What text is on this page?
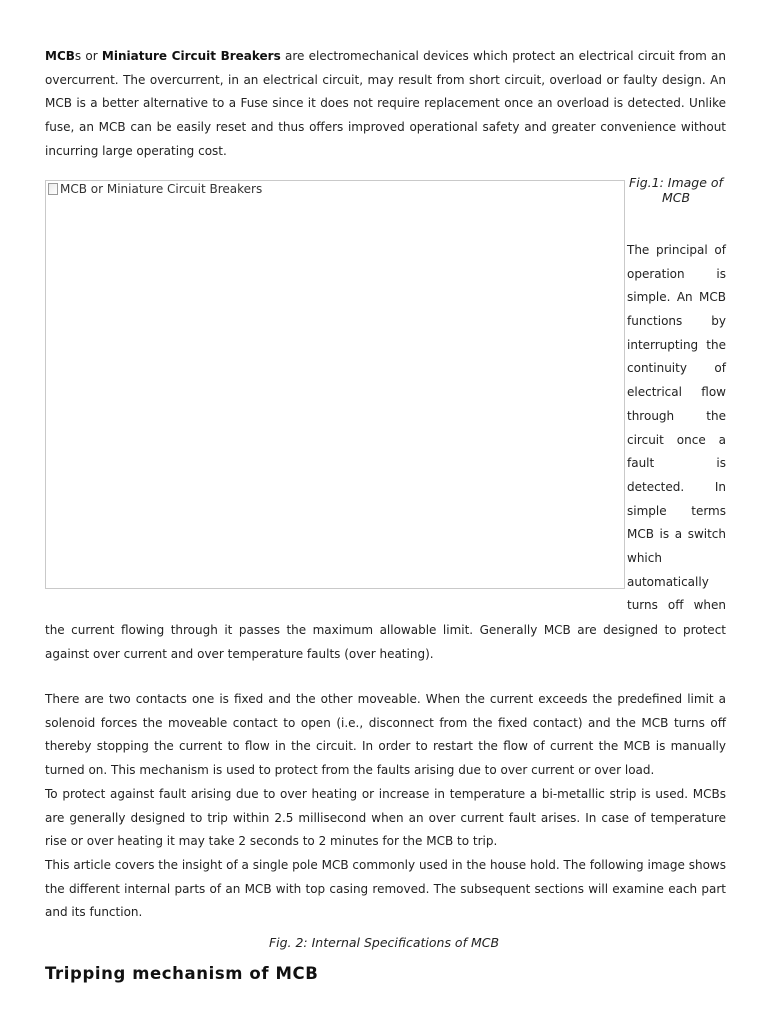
MCBs or Miniature Circuit Breakers are electromechanical devices which protect an electrical circuit from an overcurrent. The overcurrent, in an electrical circuit, may result from short circuit, overload or faulty design. An MCB is a better alternative to a Fuse since it does not require replacement once an overload is detected. Unlike fuse, an MCB can be easily reset and thus offers improved operational safety and greater convenience without incurring large operating cost.

MCB or Miniature Circuit Breakers	Fig.1: Image of MCB
The principal of
operation is
simple. An MCB
functions by
interrupting the
continuity of
electrical flow
through the
circuit once a
fault is
detected. In
simple terms
MCB is a switch
which
automatically
turns off when
the current flowing through it passes the maximum allowable limit. Generally MCB are designed to protect
against over current and over temperature faults (over heating).

There are two contacts one is fixed and the other moveable. When the current exceeds the predefined limit a solenoid forces the moveable contact to open (i.e., disconnect from the fixed contact) and the MCB turns off thereby stopping the current to flow in the circuit. In order to restart the flow of current the MCB is manually turned on. This mechanism is used to protect from the faults arising due to over current or over load.

To protect against fault arising due to over heating or increase in temperature a bi-metallic strip is used. MCBs are generally designed to trip within 2.5 millisecond when an over current fault arises. In case of temperature rise or over heating it may take 2 seconds to 2 minutes for the MCB to trip.

This article covers the insight of a single pole MCB commonly used in the house hold. The following image shows the different internal parts of an MCB with top casing removed. The subsequent sections will examine each part and its function.

Fig. 2: Internal Specifications of MCB
Tripping mechanism of MCB
